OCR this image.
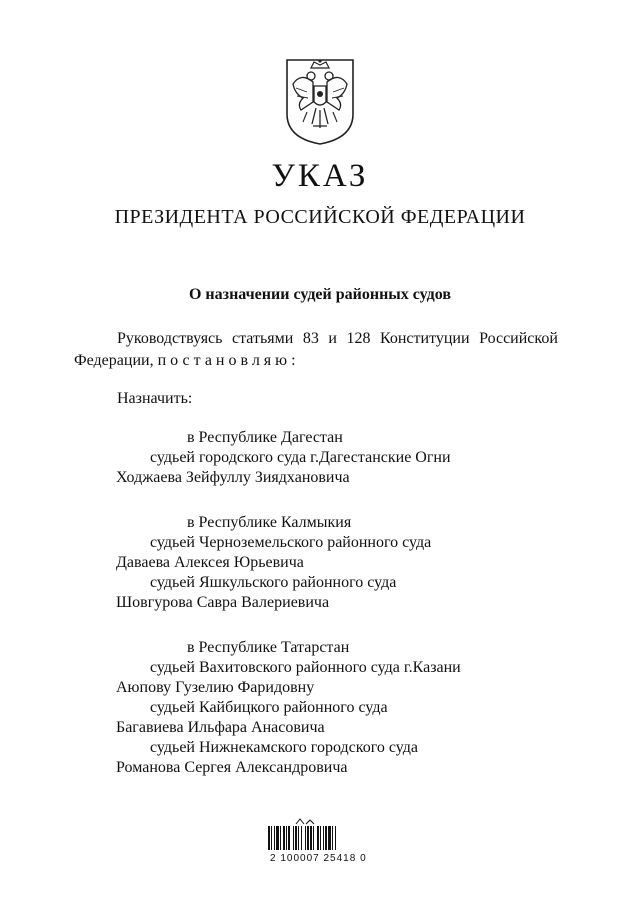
УКАЗ
ПРЕЗИДЕНТА РОССИЙСКОЙ ФЕДЕРАЦИИ
О назначении судей районных судов
Руководствуясь статьями 83 и 128 Конституции Российской
Федерации, постановляю:
Назначить:
в Республике Дагестан
судьей городского суда г.Дагестанские Огни
Ходжаева Зейфуллу Зиядхановича
в Республике Калмыкия
судьей Черноземельского районного суда
Даваева Алексея Юрьевича
судьей Яшкульского районного суда
Шовгурова Савра Валериевича
в Республике Татарстан
судьей Вахитовского районного суда г.Казани
Аюпову Гузелию Фаридовну
судьей Кайбицкого районного суда
Багавиева Ильфара Анасовича
судьей Нижнекамского городского суда
Романова Сергея Александровича
2 100007 25418 0
